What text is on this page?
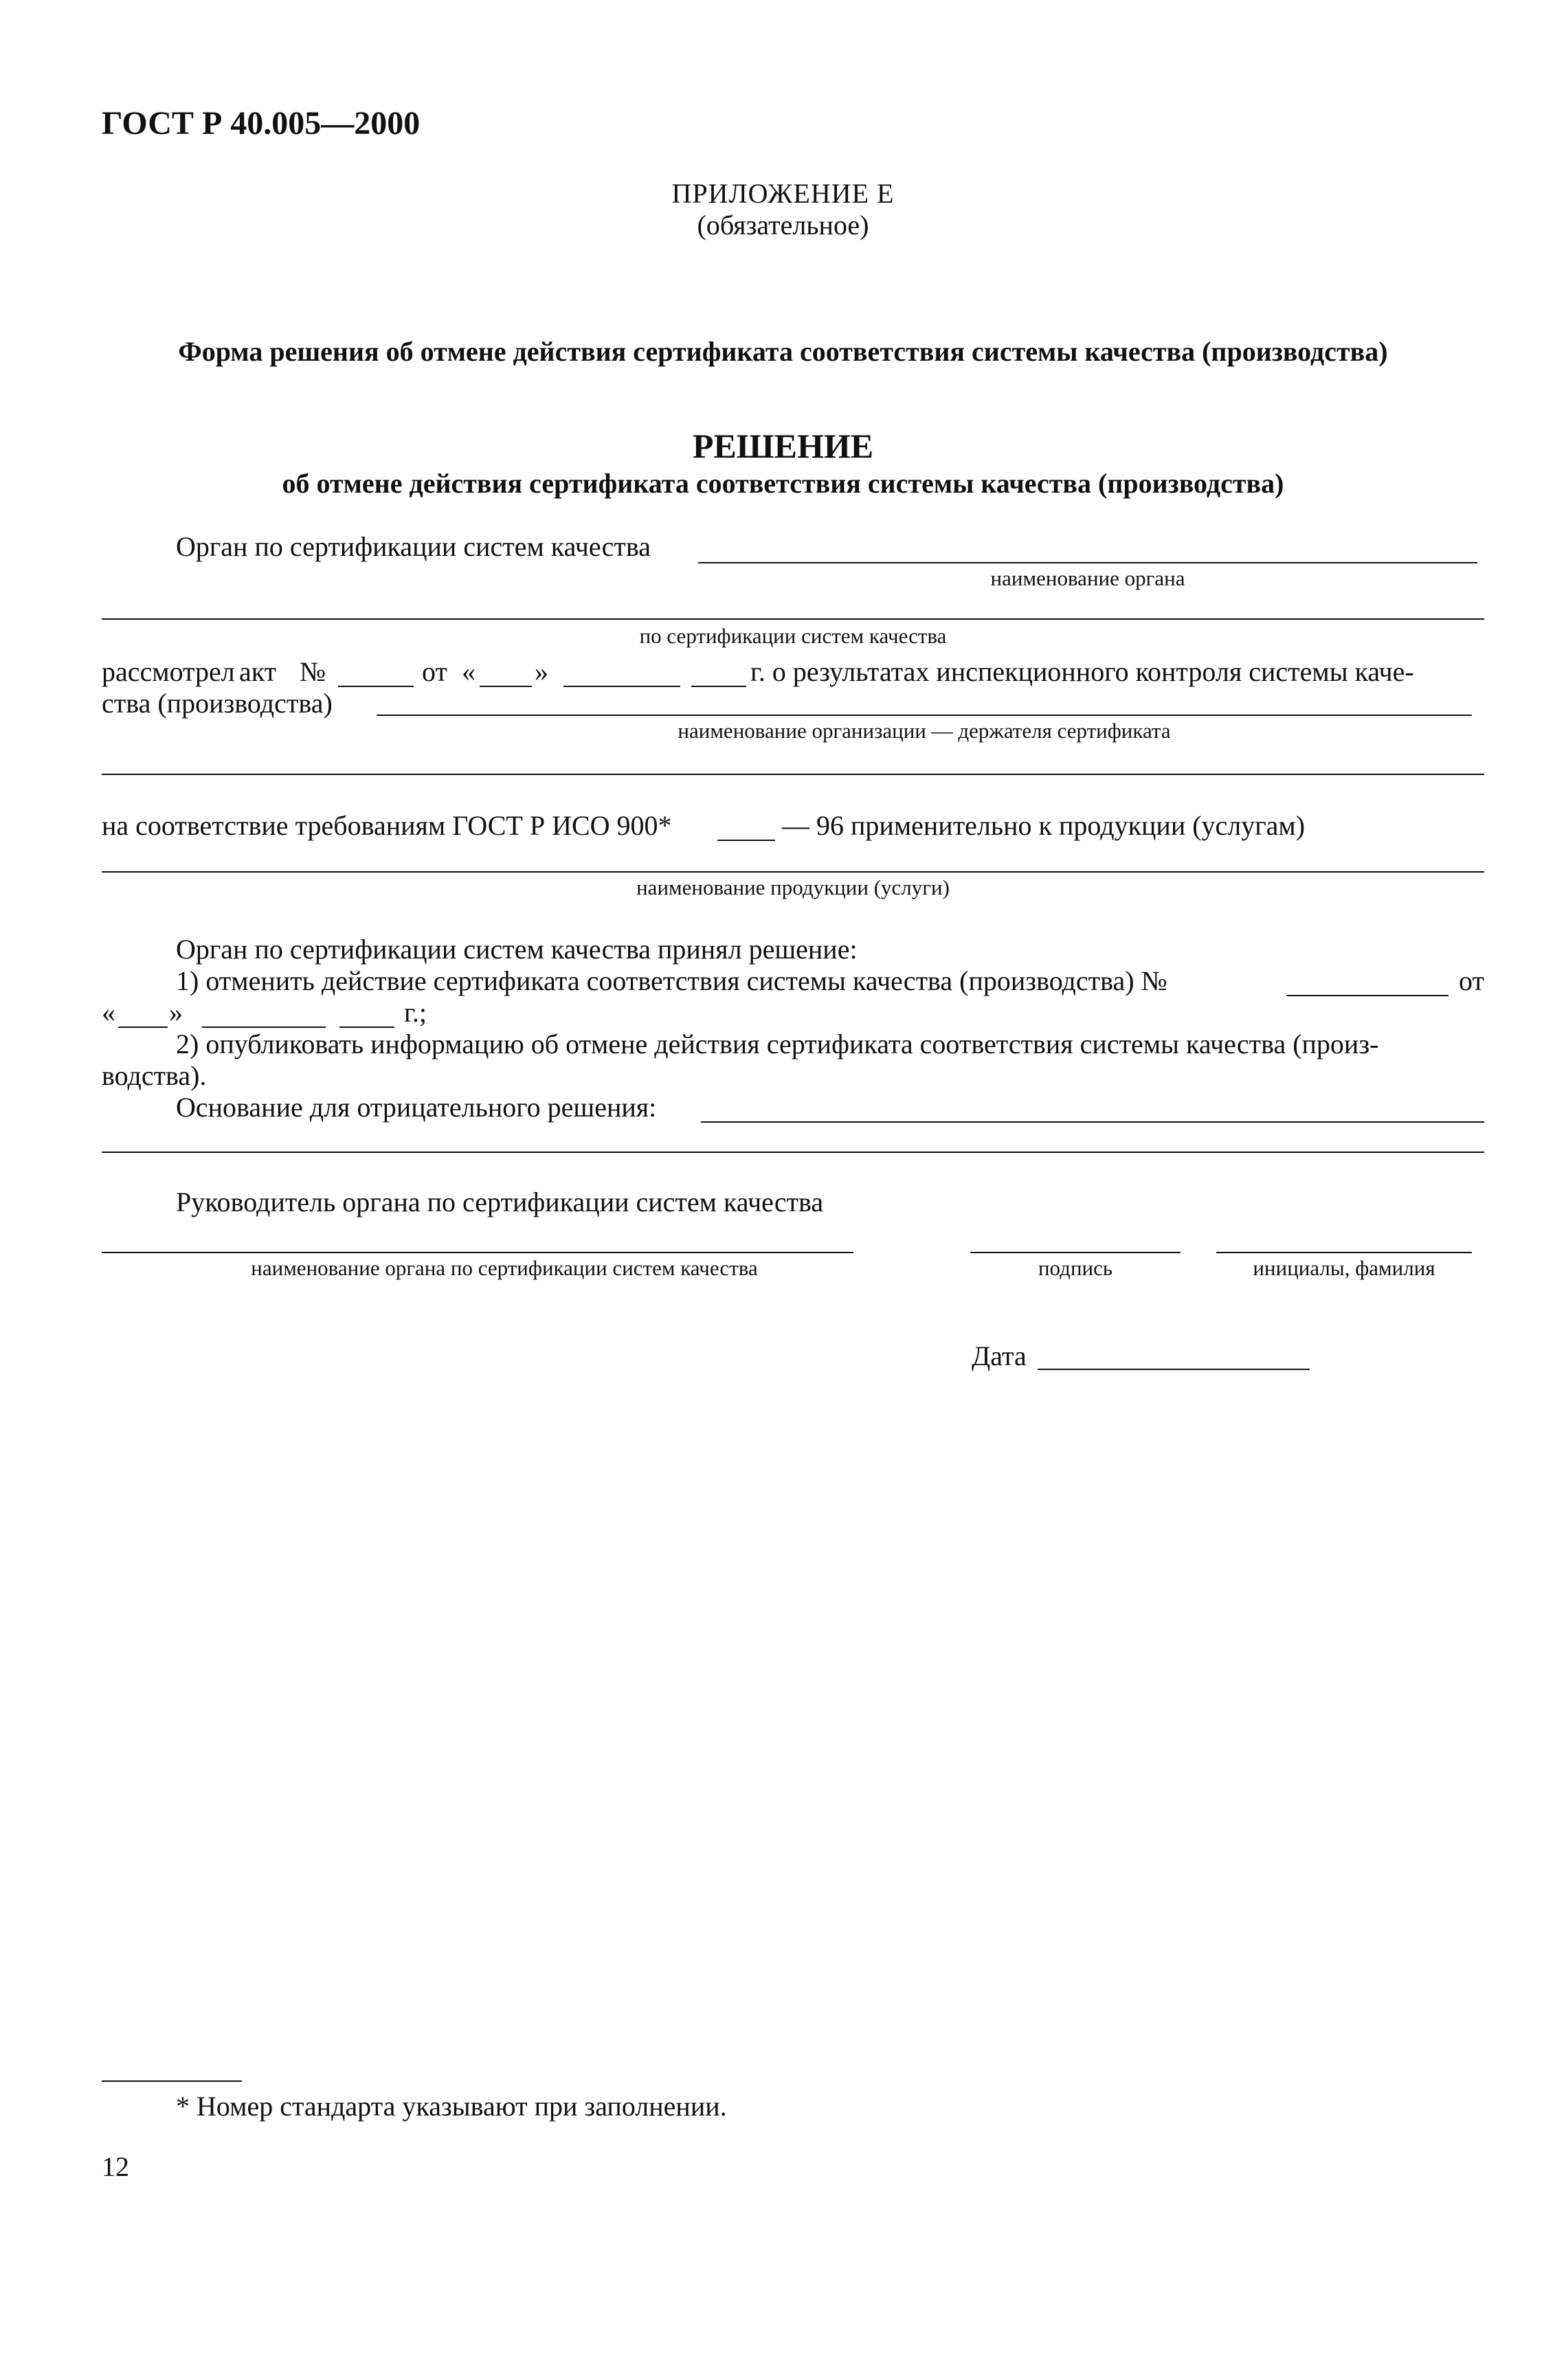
ГОСТ Р 40.005—2000
ПРИЛОЖЕНИЕ Е
(обязательное)
Форма решения об отмене действия сертификата соответствия системы качества (производства)
РЕШЕНИЕ
об отмене действия сертификата соответствия системы качества (производства)
Орган по сертификации систем качества
наименование органа
по сертификации систем качества
рассмотрел акт №	от « »	г. о результатах инспекционного контроля системы каче-
ства (производства)
наименование организации — держателя сертификата
на соответствие требованиям ГОСТ Р ИСО 900*	— 96 применительно к продукции (услугам)
наименование продукции (услуги)
Орган по сертификации систем качества принял решение:
1) отменить действие сертификата соответствия системы качества (производства) №	от
« »	г.;
2) опубликовать информацию об отмене действия сертификата соответствия системы качества (произ-
водства).
Основание для отрицательного решения:
Руководитель органа по сертификации систем качества
наименование органа по сертификации систем качества	подпись	инициалы, фамилия
Дата
* Номер стандарта указывают при заполнении.
12
